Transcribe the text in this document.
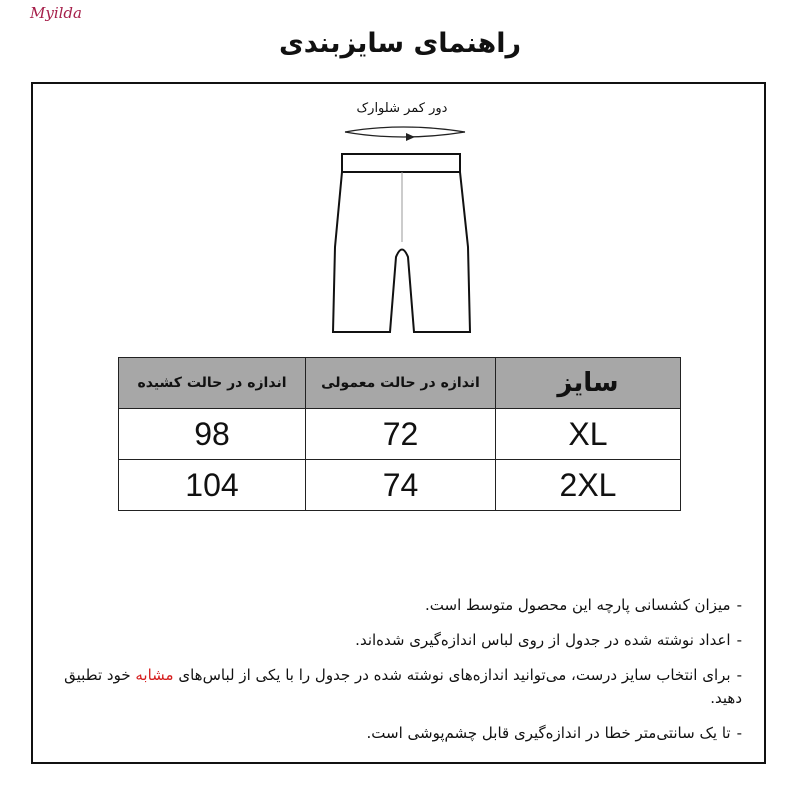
Myilda
راهنمای سایزبندی
دور کمر شلوارک
سایز	اندازه در حالت معمولی	اندازه در حالت کشیده
XL	72	98
2XL	74	104
-میزان کشسانی پارچه این محصول متوسط است.
-اعداد نوشته شده در جدول از روی لباس اندازه‌گیری شده‌اند.
-برای انتخاب سایز درست، می‌توانید اندازه‌های نوشته شده در جدول را با یکی از لباس‌های مشابه خود تطبیق دهید.
-تا یک سانتی‌متر خطا در اندازه‌گیری قابل چشم‌پوشی است.
